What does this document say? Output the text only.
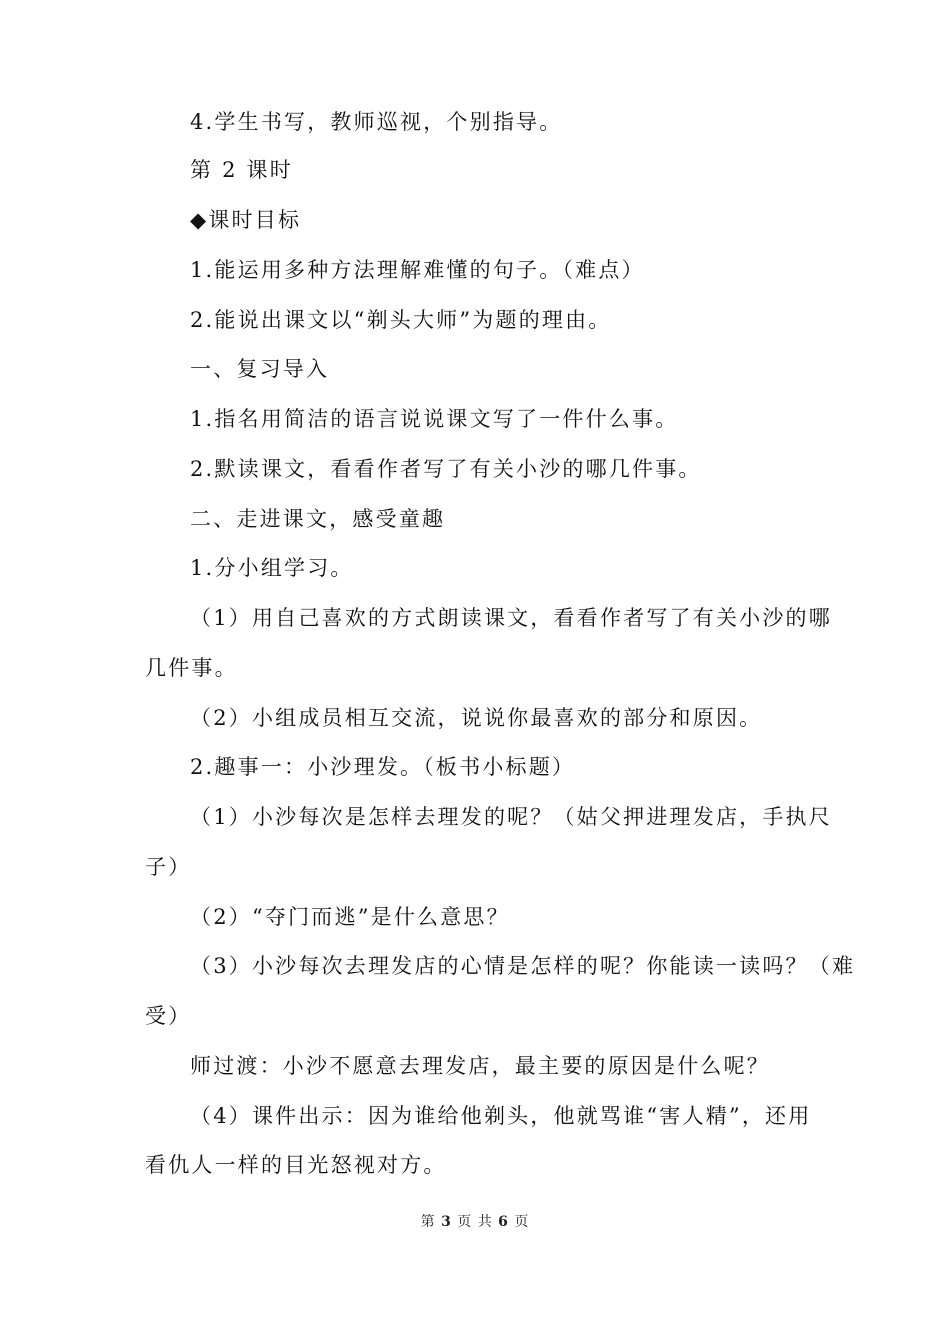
4.学生书写，教师巡视，个别指导。
第 2 课时
◆课时目标
1.能运用多种方法理解难懂的句子。（难点）
2.能说出课文以“剃头大师”为题的理由。
一、复习导入
1.指名用简洁的语言说说课文写了一件什么事。
2.默读课文，看看作者写了有关小沙的哪几件事。
二、走进课文，感受童趣
1.分小组学习。
（1）用自己喜欢的方式朗读课文，看看作者写了有关小沙的哪
几件事。
（2）小组成员相互交流，说说你最喜欢的部分和原因。
2.趣事一：小沙理发。（板书小标题）
（1）小沙每次是怎样去理发的呢？（姑父押进理发店，手执尺
子）
（2）“夺门而逃”是什么意思？
（3）小沙每次去理发店的心情是怎样的呢？你能读一读吗？（难
受）
师过渡：小沙不愿意去理发店，最主要的原因是什么呢？
（4）课件出示：因为谁给他剃头，他就骂谁“害人精”，还用
看仇人一样的目光怒视对方。
第 3 页 共 6 页
